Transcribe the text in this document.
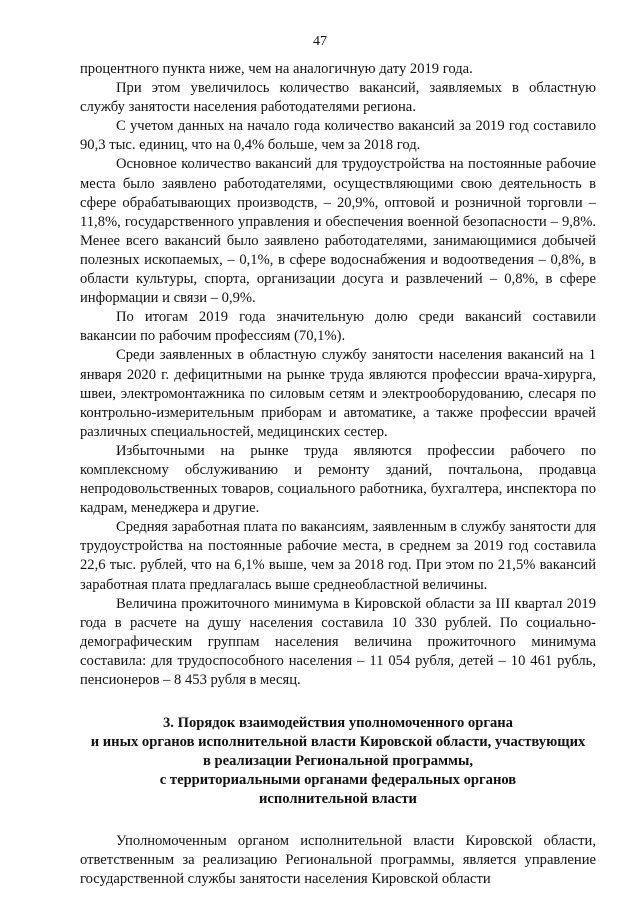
47

процентного пункта ниже, чем на аналогичную дату 2019 года.

При этом увеличилось количество вакансий, заявляемых в областную службу занятости населения работодателями региона.

С учетом данных на начало года количество вакансий за 2019 год составило 90,3 тыс. единиц, что на 0,4% больше, чем за 2018 год.

Основное количество вакансий для трудоустройства на постоянные рабочие места было заявлено работодателями, осуществляющими свою деятельность в сфере обрабатывающих производств, – 20,9%, оптовой и розничной торговли – 11,8%, государственного управления и обеспечения военной безопасности – 9,8%. Менее всего вакансий было заявлено работодателями, занимающимися добычей полезных ископаемых, – 0,1%, в сфере водоснабжения и водоотведения – 0,8%, в области культуры, спорта, организации досуга и развлечений – 0,8%, в сфере информации и связи – 0,9%.

По итогам 2019 года значительную долю среди вакансий составили вакансии по рабочим профессиям (70,1%).

Среди заявленных в областную службу занятости населения вакансий на 1 января 2020 г. дефицитными на рынке труда являются профессии врача-хирурга, швеи, электромонтажника по силовым сетям и электрооборудованию, слесаря по контрольно-измерительным приборам и автоматике, а также профессии врачей различных специальностей, медицинских сестер.

Избыточными на рынке труда являются профессии рабочего по комплексному обслуживанию и ремонту зданий, почтальона, продавца непродовольственных товаров, социального работника, бухгалтера, инспектора по кадрам, менеджера и другие.

Средняя заработная плата по вакансиям, заявленным в службу занятости для трудоустройства на постоянные рабочие места, в среднем за 2019 год составила 22,6 тыс. рублей, что на 6,1% выше, чем за 2018 год. При этом по 21,5% вакансий заработная плата предлагалась выше среднеобластной величины.

Величина прожиточного минимума в Кировской области за III квартал 2019 года в расчете на душу населения составила 10 330 рублей. По социально-демографическим группам населения величина прожиточного минимума составила: для трудоспособного населения – 11 054 рубля, детей – 10 461 рубль, пенсионеров – 8 453 рубля в месяц.

3. Порядок взаимодействия уполномоченного органа
и иных органов исполнительной власти Кировской области, участвующих
в реализации Региональной программы,
с территориальными органами федеральных органов
исполнительной власти

Уполномоченным органом исполнительной власти Кировской области, ответственным за реализацию Региональной программы, является управление государственной службы занятости населения Кировской области
